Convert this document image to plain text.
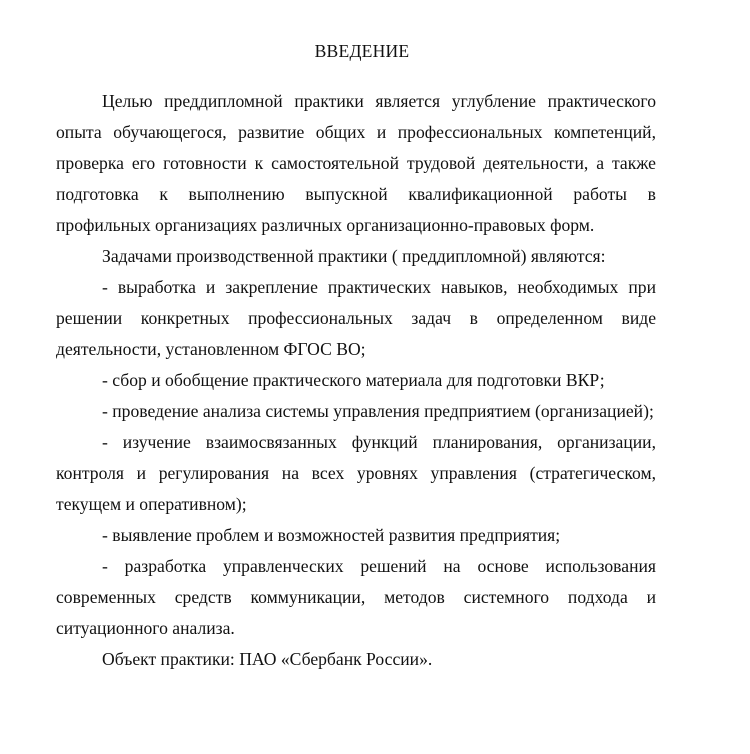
ВВЕДЕНИЕ

Целью преддипломной практики является углубление практического опыта обучающегося, развитие общих и профессиональных компетенций, проверка его готовности к самостоятельной трудовой деятельности, а также подготовка к выполнению выпускной квалификационной работы в профильных организациях различных организационно-правовых форм.

Задачами производственной практики ( преддипломной) являются:

- выработка и закрепление практических навыков, необходимых при решении конкретных профессиональных задач в определенном виде деятельности, установленном ФГОС ВО;

- сбор и обобщение практического материала для подготовки ВКР;

- проведение анализа системы управления предприятием (организацией);

- изучение взаимосвязанных функций планирования, организации, контроля и регулирования на всех уровнях управления (стратегическом, текущем и оперативном);

- выявление проблем и возможностей развития предприятия;

- разработка управленческих решений на основе использования современных средств коммуникации, методов системного подхода и ситуационного анализа.

Объект практики: ПАО «Сбербанк России».
